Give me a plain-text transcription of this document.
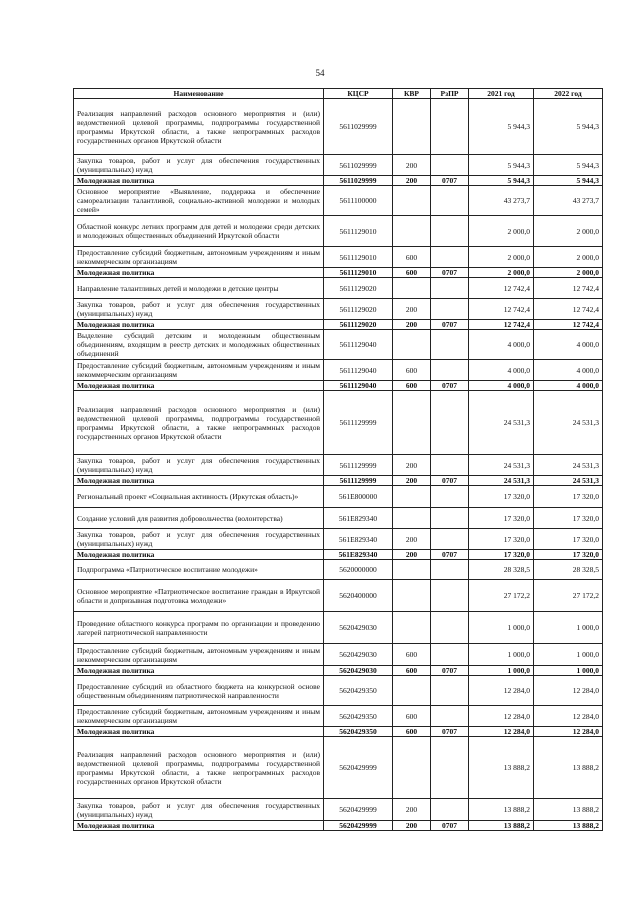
54
Наименование	КЦСР	КВР	РзПР	2021 год	2022 год
Реализация направлений расходов основного мероприятия и (или) ведомственной целевой программы, подпрограммы государственной программы Иркутской области, а также непрограммных расходов государственных органов Иркутской области	5611029999			5 944,3	5 944,3
Закупка товаров, работ и услуг для обеспечения государственных (муниципальных) нужд	5611029999	200		5 944,3	5 944,3
Молодежная политика	5611029999	200	0707	5 944,3	5 944,3
Основное мероприятие «Выявление, поддержка и обеспечение самореализации талантливой, социально-активной молодежи и молодых семей»	5611100000			43 273,7	43 273,7
Областной конкурс летних программ для детей и молодежи среди детских и молодежных общественных объединений Иркутской области	5611129010			2 000,0	2 000,0
Предоставление субсидий бюджетным, автономным учреждениям и иным некоммерческим организациям	5611129010	600		2 000,0	2 000,0
Молодежная политика	5611129010	600	0707	2 000,0	2 000,0
Направление талантливых детей и молодежи в детские центры	5611129020			12 742,4	12 742,4
Закупка товаров, работ и услуг для обеспечения государственных (муниципальных) нужд	5611129020	200		12 742,4	12 742,4
Молодежная политика	5611129020	200	0707	12 742,4	12 742,4
Выделение субсидий детским и молодежным общественным объединениям, входящим в реестр детских и молодежных общественных объединений	5611129040			4 000,0	4 000,0
Предоставление субсидий бюджетным, автономным учреждениям и иным некоммерческим организациям	5611129040	600		4 000,0	4 000,0
Молодежная политика	5611129040	600	0707	4 000,0	4 000,0
Реализация направлений расходов основного мероприятия и (или) ведомственной целевой программы, подпрограммы государственной программы Иркутской области, а также непрограммных расходов государственных органов Иркутской области	5611129999			24 531,3	24 531,3
Закупка товаров, работ и услуг для обеспечения государственных (муниципальных) нужд	5611129999	200		24 531,3	24 531,3
Молодежная политика	5611129999	200	0707	24 531,3	24 531,3
Региональный проект «Социальная активность (Иркутская область)»	561E800000			17 320,0	17 320,0
Создание условий для развития добровольчества (волонтерства)	561E829340			17 320,0	17 320,0
Закупка товаров, работ и услуг для обеспечения государственных (муниципальных) нужд	561E829340	200		17 320,0	17 320,0
Молодежная политика	561E829340	200	0707	17 320,0	17 320,0
Подпрограмма «Патриотическое воспитание молодежи»	5620000000			28 328,5	28 328,5
Основное мероприятие «Патриотическое воспитание граждан в Иркутской области и допризывная подготовка молодежи»	5620400000			27 172,2	27 172,2
Проведение областного конкурса программ по организации и проведению лагерей патриотической направленности	5620429030			1 000,0	1 000,0
Предоставление субсидий бюджетным, автономным учреждениям и иным некоммерческим организациям	5620429030	600		1 000,0	1 000,0
Молодежная политика	5620429030	600	0707	1 000,0	1 000,0
Предоставление субсидий из областного бюджета на конкурсной основе общественным объединениям патриотической направленности	5620429350			12 284,0	12 284,0
Предоставление субсидий бюджетным, автономным учреждениям и иным некоммерческим организациям	5620429350	600		12 284,0	12 284,0
Молодежная политика	5620429350	600	0707	12 284,0	12 284,0
Реализация направлений расходов основного мероприятия и (или) ведомственной целевой программы, подпрограммы государственной программы Иркутской области, а также непрограммных расходов государственных органов Иркутской области	5620429999			13 888,2	13 888,2
Закупка товаров, работ и услуг для обеспечения государственных (муниципальных) нужд	5620429999	200		13 888,2	13 888,2
Молодежная политика	5620429999	200	0707	13 888,2	13 888,2
